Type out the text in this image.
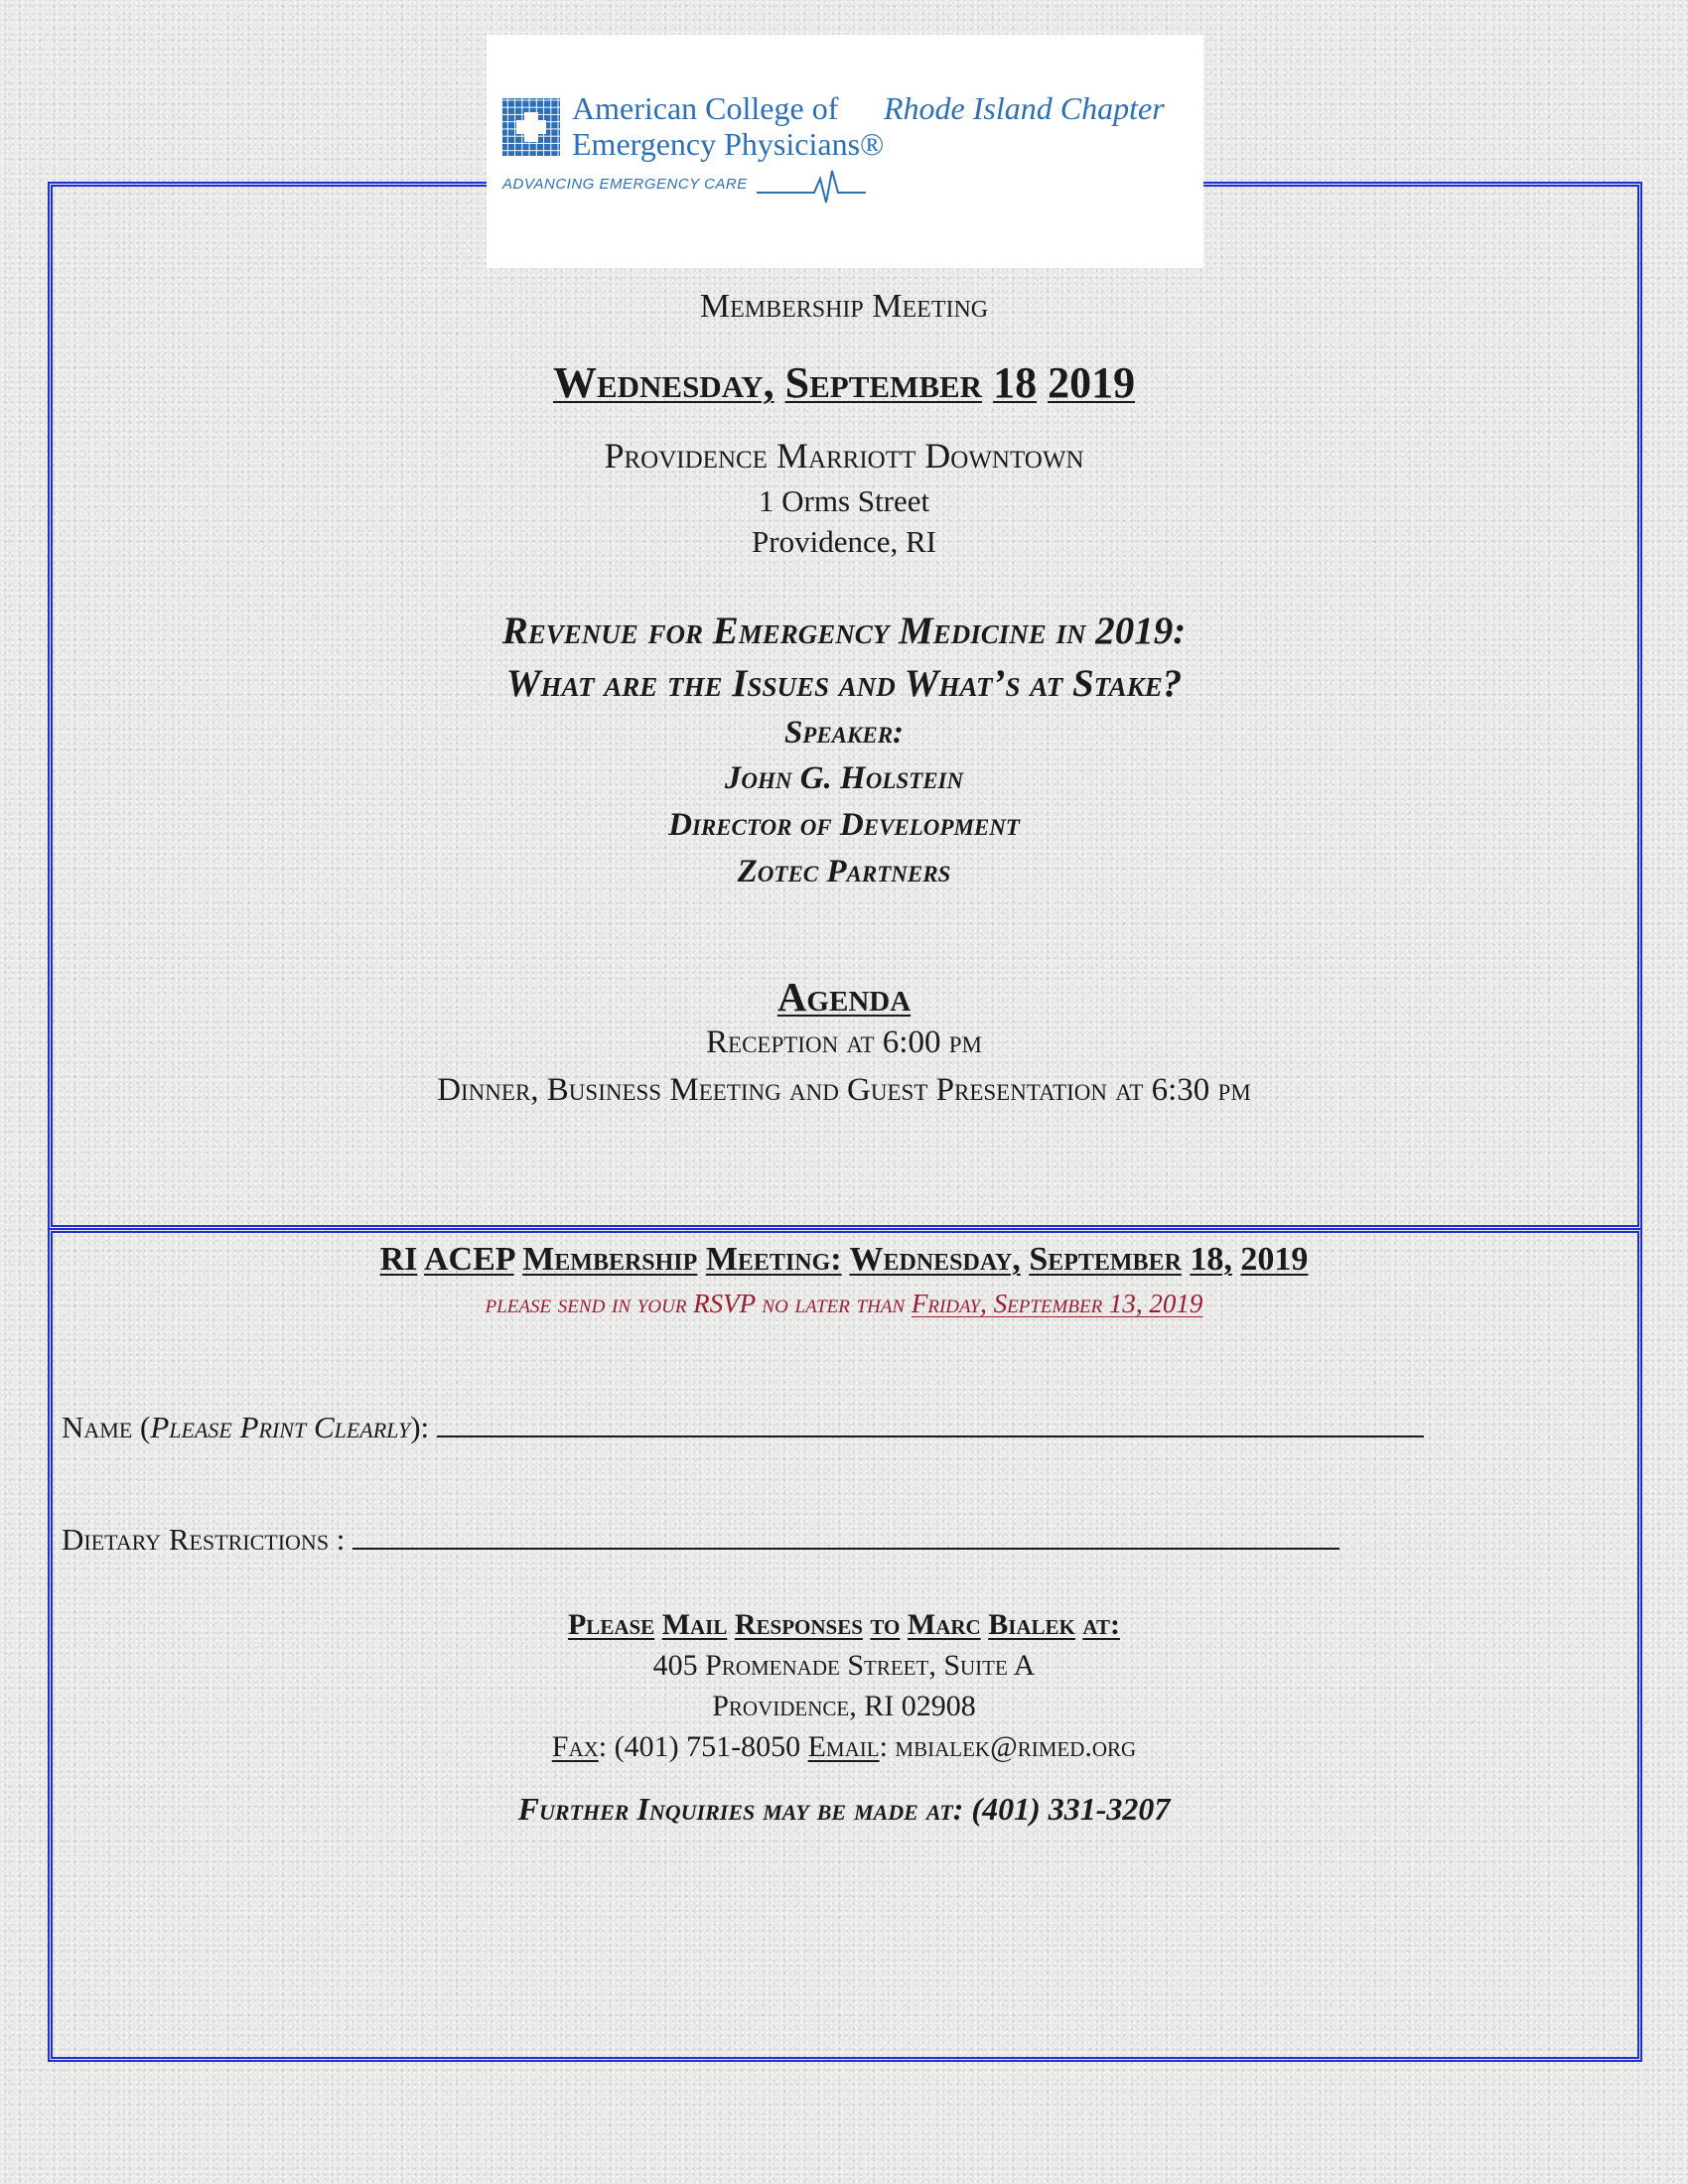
American College of
Emergency Physicians®
ADVANCING EMERGENCY CARE
Rhode Island Chapter
Membership Meeting
Wednesday, September 18 2019
Providence Marriott Downtown
1 Orms Street
Providence, RI
Revenue for Emergency Medicine in 2019:
What are the Issues and What’s at Stake?
Speaker:
John G. Holstein
Director of Development
Zotec Partners
Agenda
Reception at 6:00 pm
Dinner, Business Meeting and Guest Presentation at 6:30 pm
RI ACEP Membership Meeting: Wednesday, September 18, 2019
please send in your RSVP no later than Friday, September 13, 2019
Name (Please Print Clearly):
Dietary Restrictions :
Please Mail Responses to Marc Bialek at:
405 Promenade Street, Suite A
Providence, RI 02908
Fax: (401) 751-8050 Email: mbialek@rimed.org
Further Inquiries may be made at: (401) 331-3207
